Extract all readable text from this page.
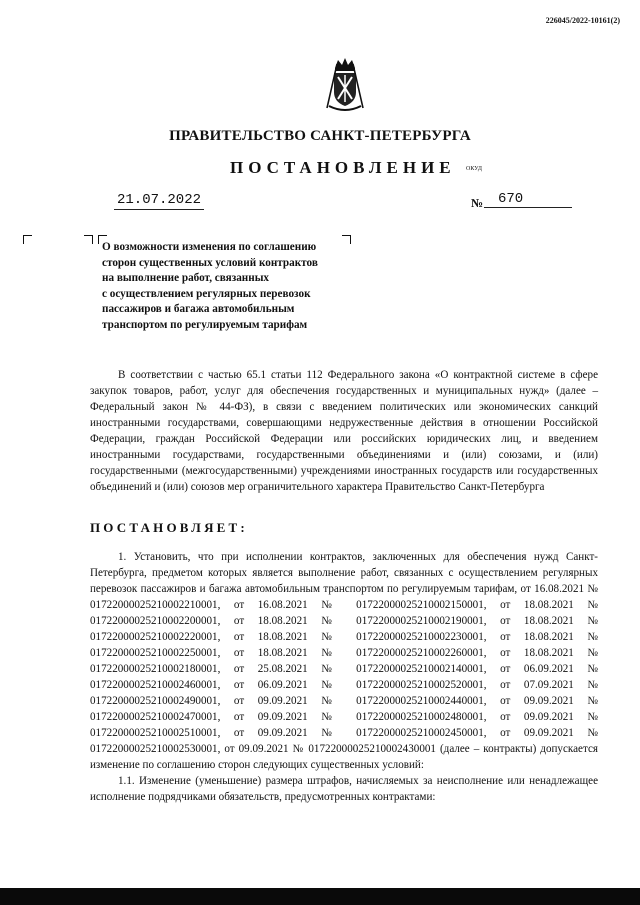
226045/2022-10161(2)
ПРАВИТЕЛЬСТВО САНКТ-ПЕТЕРБУРГА
ПОСТАНОВЛЕНИЕ ОКУД
21.07.2022	№	670
О возможности изменения по соглашению
сторон существенных условий контрактов
на выполнение работ, связанных
с осуществлением регулярных перевозок
пассажиров и багажа автомобильным
транспортом по регулируемым тарифам
В соответствии с частью 65.1 статьи 112 Федерального закона «О контрактной системе в сфере закупок товаров, работ, услуг для обеспечения государственных и муниципальных нужд» (далее – Федеральный закон № 44-ФЗ), в связи с введением политических или экономических санкций иностранными государствами, совершающими недружественные действия в отношении Российской Федерации, граждан Российской Федерации или российских юридических лиц, и введением иностранными государствами, государственными объединениями и (или) союзами, и (или) государственными (межгосударственными) учреждениями иностранных государств или государственных объединений и (или) союзов мер ограничительного характера Правительство Санкт-Петербурга
ПОСТАНОВЛЯЕТ:
1. Установить, что при исполнении контрактов, заключенных для обеспечения нужд Санкт-Петербурга, предметом которых является выполнение работ, связанных с осуществлением регулярных перевозок пассажиров и багажа автомобильным транспортом по регулируемым тарифам, от 16.08.2021 № 0172200002521000221000​1, от 16.08.2021 № 01722000025210002150001, от 18.08.2021 № 01722000025210002200001, от 18.08.2021 № 01722000025210002190001, от 18.08.2021 № 01722000025210002220001, от 18.08.2021 № 01722000025210002230001, от 18.08.2021 № 01722000025210002250001, от 18.08.2021 № 01722000025210002260001, от 18.08.2021 № 01722000025210002180001, от 25.08.2021 № 01722000025210002140001, от 06.09.2021 № 01722000025210002460001, от 06.09.2021 № 01722000025210002520001, от 07.09.2021 № 01722000025210002490001, от 09.09.2021 № 01722000025210002440001, от 09.09.2021 № 01722000025210002470001, от 09.09.2021 № 01722000025210002480001, от 09.09.2021 № 01722000025210002510001, от 09.09.2021 № 01722000025210002450001, от 09.09.2021 № 01722000025210002530001, от 09.09.2021 № 01722000025210002430001 (далее – контракты) допускается изменение по соглашению сторон следующих существенных условий:
1.1. Изменение (уменьшение) размера штрафов, начисляемых за неисполнение или ненадлежащее исполнение подрядчиками обязательств, предусмотренных контрактами:
